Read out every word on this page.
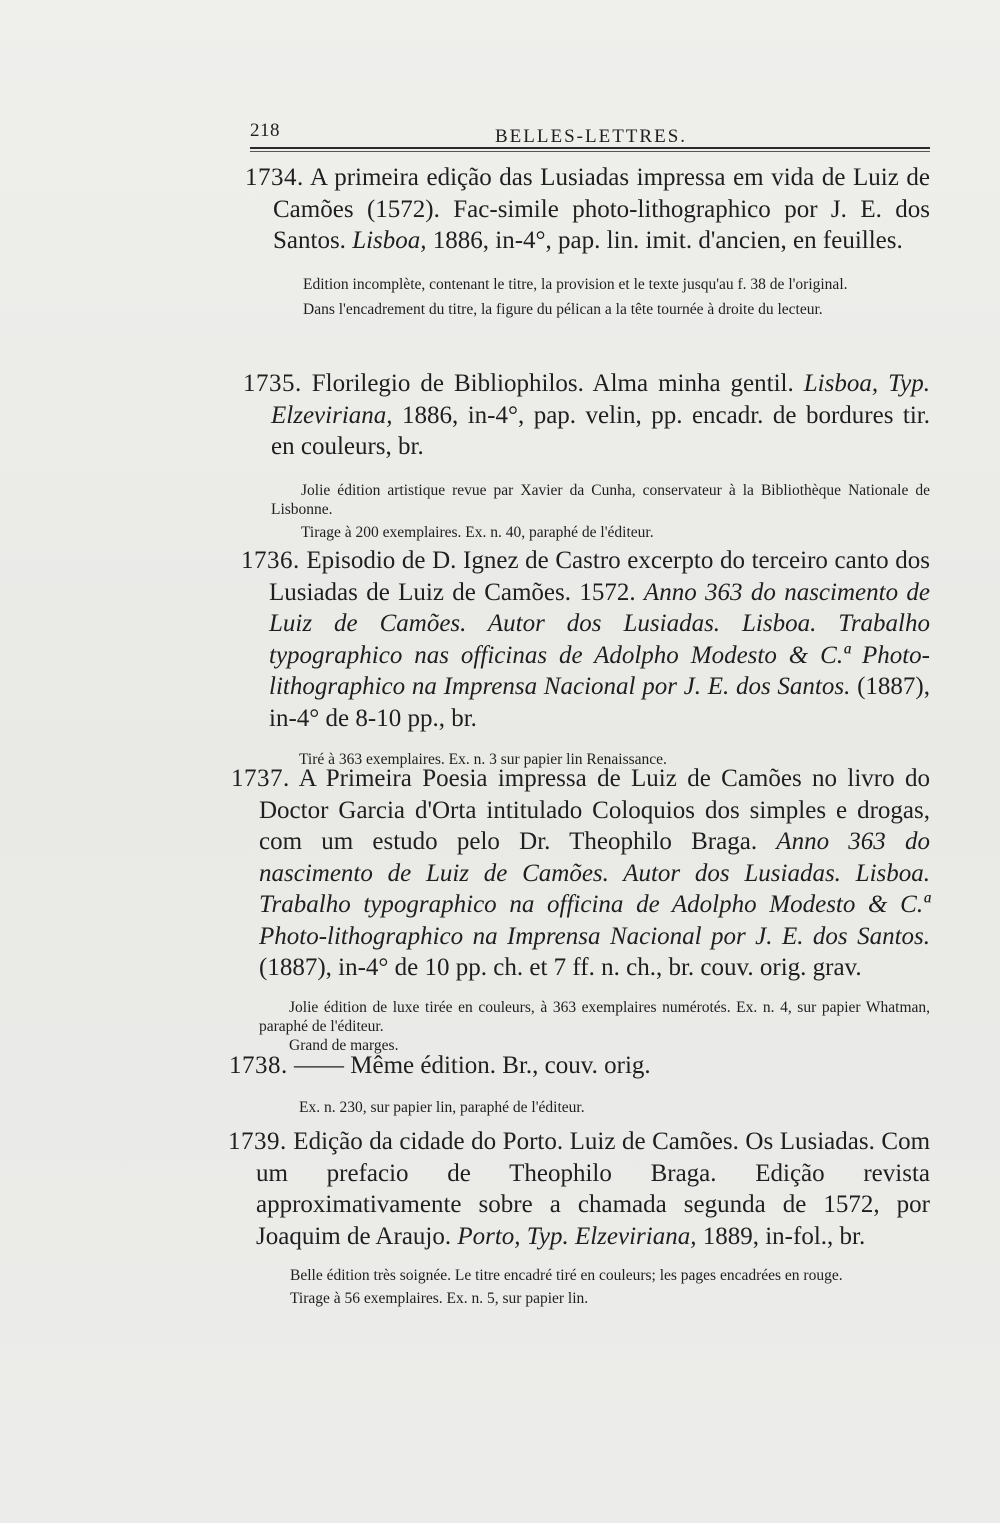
218	BELLES-LETTRES.

1734. A primeira edição das Lusiadas impressa em vida de Luiz de Camões (1572). Fac-simile photo-lithographico por J. E. dos Santos. Lisboa, 1886, in-4°, pap. lin. imit. d'ancien, en feuilles.

Edition incomplète, contenant le titre, la provision et le texte jusqu'au f. 38 de l'original.

Dans l'encadrement du titre, la figure du pélican a la tête tournée à droite du lecteur.

1735. Florilegio de Bibliophilos. Alma minha gentil. Lisboa, Typ. Elzeviriana, 1886, in-4°, pap. velin, pp. encadr. de bordures tir. en couleurs, br.

Jolie édition artistique revue par Xavier da Cunha, conservateur à la Bibliothèque Nationale de Lisbonne.

Tirage à 200 exemplaires. Ex. n. 40, paraphé de l'éditeur.

1736. Episodio de D. Ignez de Castro excerpto do terceiro canto dos Lusiadas de Luiz de Camões. 1572. Anno 363 do nascimento de Luiz de Camões. Autor dos Lusiadas. Lisboa. Trabalho typographico nas officinas de Adolpho Modesto & C.ª Photo-lithographico na Imprensa Nacional por J. E. dos Santos. (1887), in-4° de 8-10 pp., br.

Tiré à 363 exemplaires. Ex. n. 3 sur papier lin Renaissance.

1737. A Primeira Poesia impressa de Luiz de Camões no livro do Doctor Garcia d'Orta intitulado Coloquios dos simples e drogas, com um estudo pelo Dr. Theophilo Braga. Anno 363 do nascimento de Luiz de Camões. Autor dos Lusiadas. Lisboa. Trabalho typographico na officina de Adolpho Modesto & C.ª Photo-lithographico na Imprensa Nacional por J. E. dos Santos. (1887), in-4° de 10 pp. ch. et 7 ff. n. ch., br. couv. orig. grav.

Jolie édition de luxe tirée en couleurs, à 363 exemplaires numérotés. Ex. n. 4, sur papier Whatman, paraphé de l'éditeur.

Grand de marges.

1738. —— Même édition. Br., couv. orig.

Ex. n. 230, sur papier lin, paraphé de l'éditeur.

1739. Edição da cidade do Porto. Luiz de Camões. Os Lusiadas. Com um prefacio de Theophilo Braga. Edição revista approximativamente sobre a chamada segunda de 1572, por Joaquim de Araujo. Porto, Typ. Elzeviriana, 1889, in-fol., br.

Belle édition très soignée. Le titre encadré tiré en couleurs; les pages encadrées en rouge.

Tirage à 56 exemplaires. Ex. n. 5, sur papier lin.
